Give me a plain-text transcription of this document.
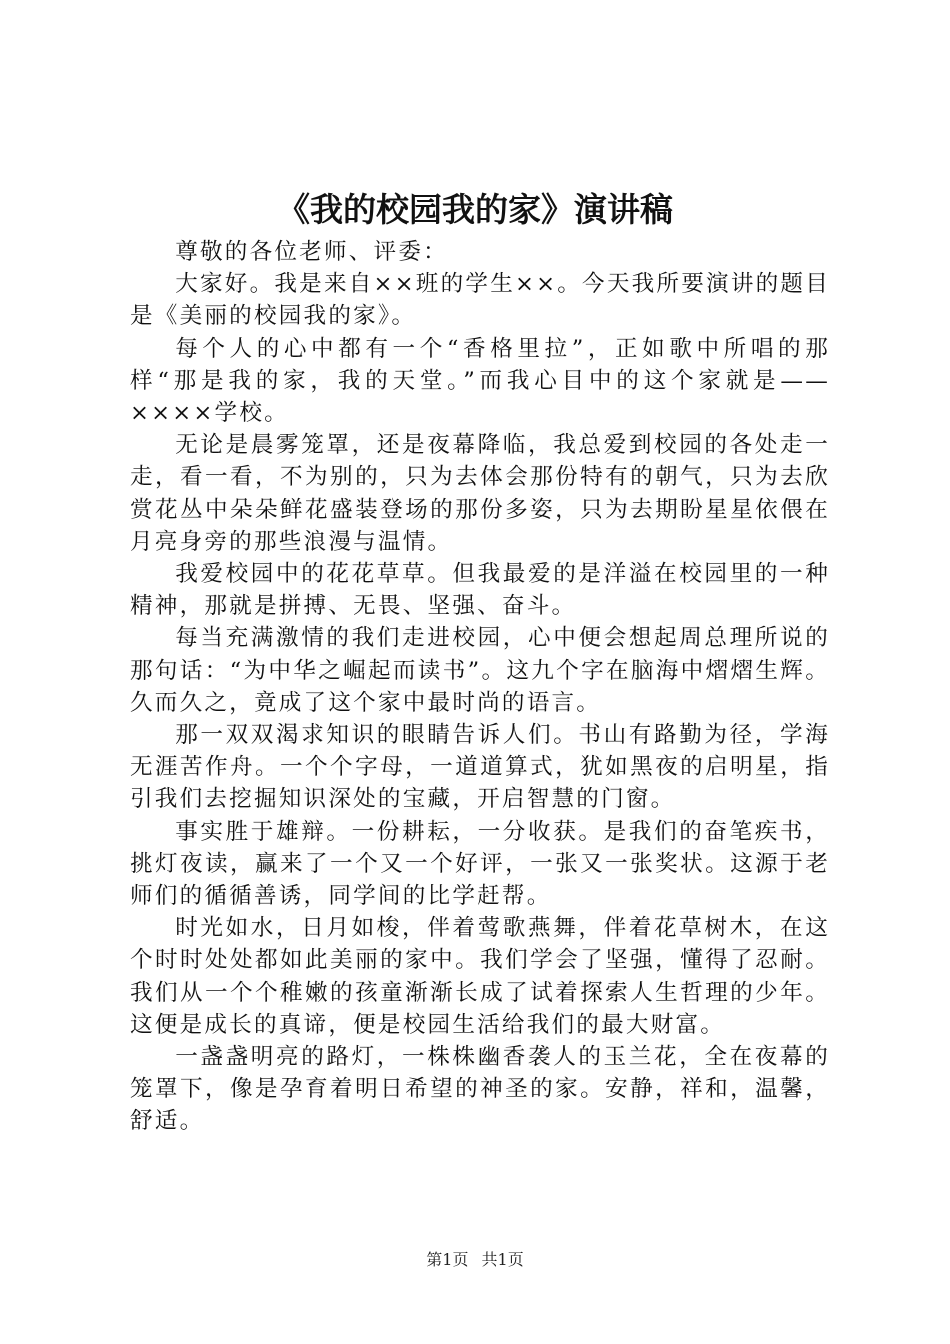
《我的校园我的家》演讲稿

尊敬的各位老师、评委：

大家好。我是来自××班的学生××。今天我所要演讲的题目是《美丽的校园我的家》。

每个人的心中都有一个“香格里拉”，正如歌中所唱的那样“那是我的家，我的天堂。”而我心目中的这个家就是——××××学校。

无论是晨雾笼罩，还是夜幕降临，我总爱到校园的各处走一走，看一看，不为别的，只为去体会那份特有的朝气，只为去欣赏花丛中朵朵鲜花盛装登场的那份多姿，只为去期盼星星依偎在月亮身旁的那些浪漫与温情。

我爱校园中的花花草草。但我最爱的是洋溢在校园里的一种精神，那就是拼搏、无畏、坚强、奋斗。

每当充满激情的我们走进校园，心中便会想起周总理所说的那句话：“为中华之崛起而读书”。这九个字在脑海中熠熠生辉。久而久之，竟成了这个家中最时尚的语言。

那一双双渴求知识的眼睛告诉人们。书山有路勤为径，学海无涯苦作舟。一个个字母，一道道算式，犹如黑夜的启明星，指引我们去挖掘知识深处的宝藏，开启智慧的门窗。

事实胜于雄辩。一份耕耘，一分收获。是我们的奋笔疾书，挑灯夜读，赢来了一个又一个好评，一张又一张奖状。这源于老师们的循循善诱，同学间的比学赶帮。

时光如水，日月如梭，伴着莺歌燕舞，伴着花草树木，在这个时时处处都如此美丽的家中。我们学会了坚强，懂得了忍耐。我们从一个个稚嫩的孩童渐渐长成了试着探索人生哲理的少年。这便是成长的真谛，便是校园生活给我们的最大财富。

一盏盏明亮的路灯，一株株幽香袭人的玉兰花，全在夜幕的笼罩下，像是孕育着明日希望的神圣的家。安静，祥和，温馨，舒适。

第1页 共1页
